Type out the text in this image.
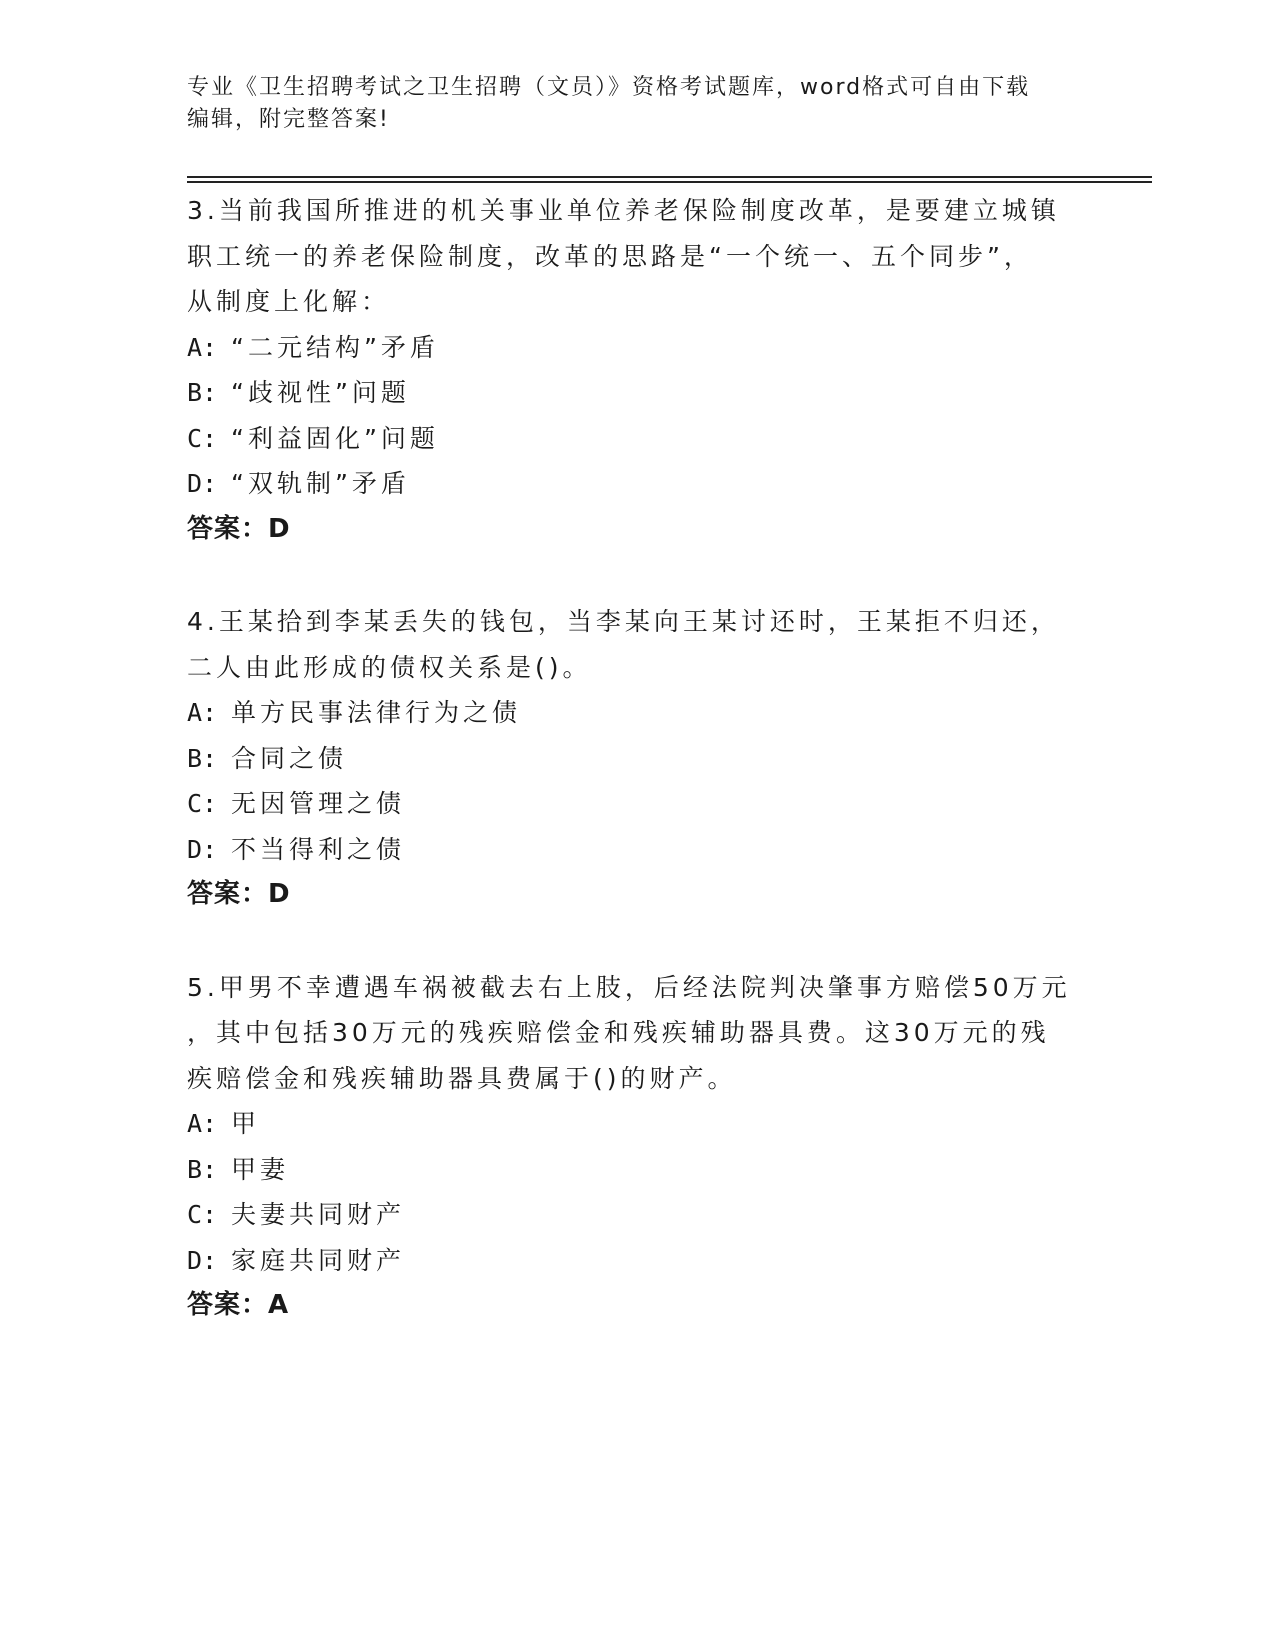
专业《卫生招聘考试之卫生招聘（文员）》资格考试题库，word格式可自由下载
编辑，附完整答案!
3.当前我国所推进的机关事业单位养老保险制度改革，是要建立城镇
职工统一的养老保险制度，改革的思路是“一个统一、五个同步”，
从制度上化解：
A: “二元结构”矛盾
B: “歧视性”问题
C: “利益固化”问题
D: “双轨制”矛盾
答案：D
4.王某拾到李某丢失的钱包，当李某向王某讨还时，王某拒不归还，
二人由此形成的债权关系是()。
A: 单方民事法律行为之债
B: 合同之债
C: 无因管理之债
D: 不当得利之债
答案：D
5.甲男不幸遭遇车祸被截去右上肢，后经法院判决肇事方赔偿50万元
，其中包括30万元的残疾赔偿金和残疾辅助器具费。这30万元的残
疾赔偿金和残疾辅助器具费属于()的财产。
A: 甲
B: 甲妻
C: 夫妻共同财产
D: 家庭共同财产
答案：A
